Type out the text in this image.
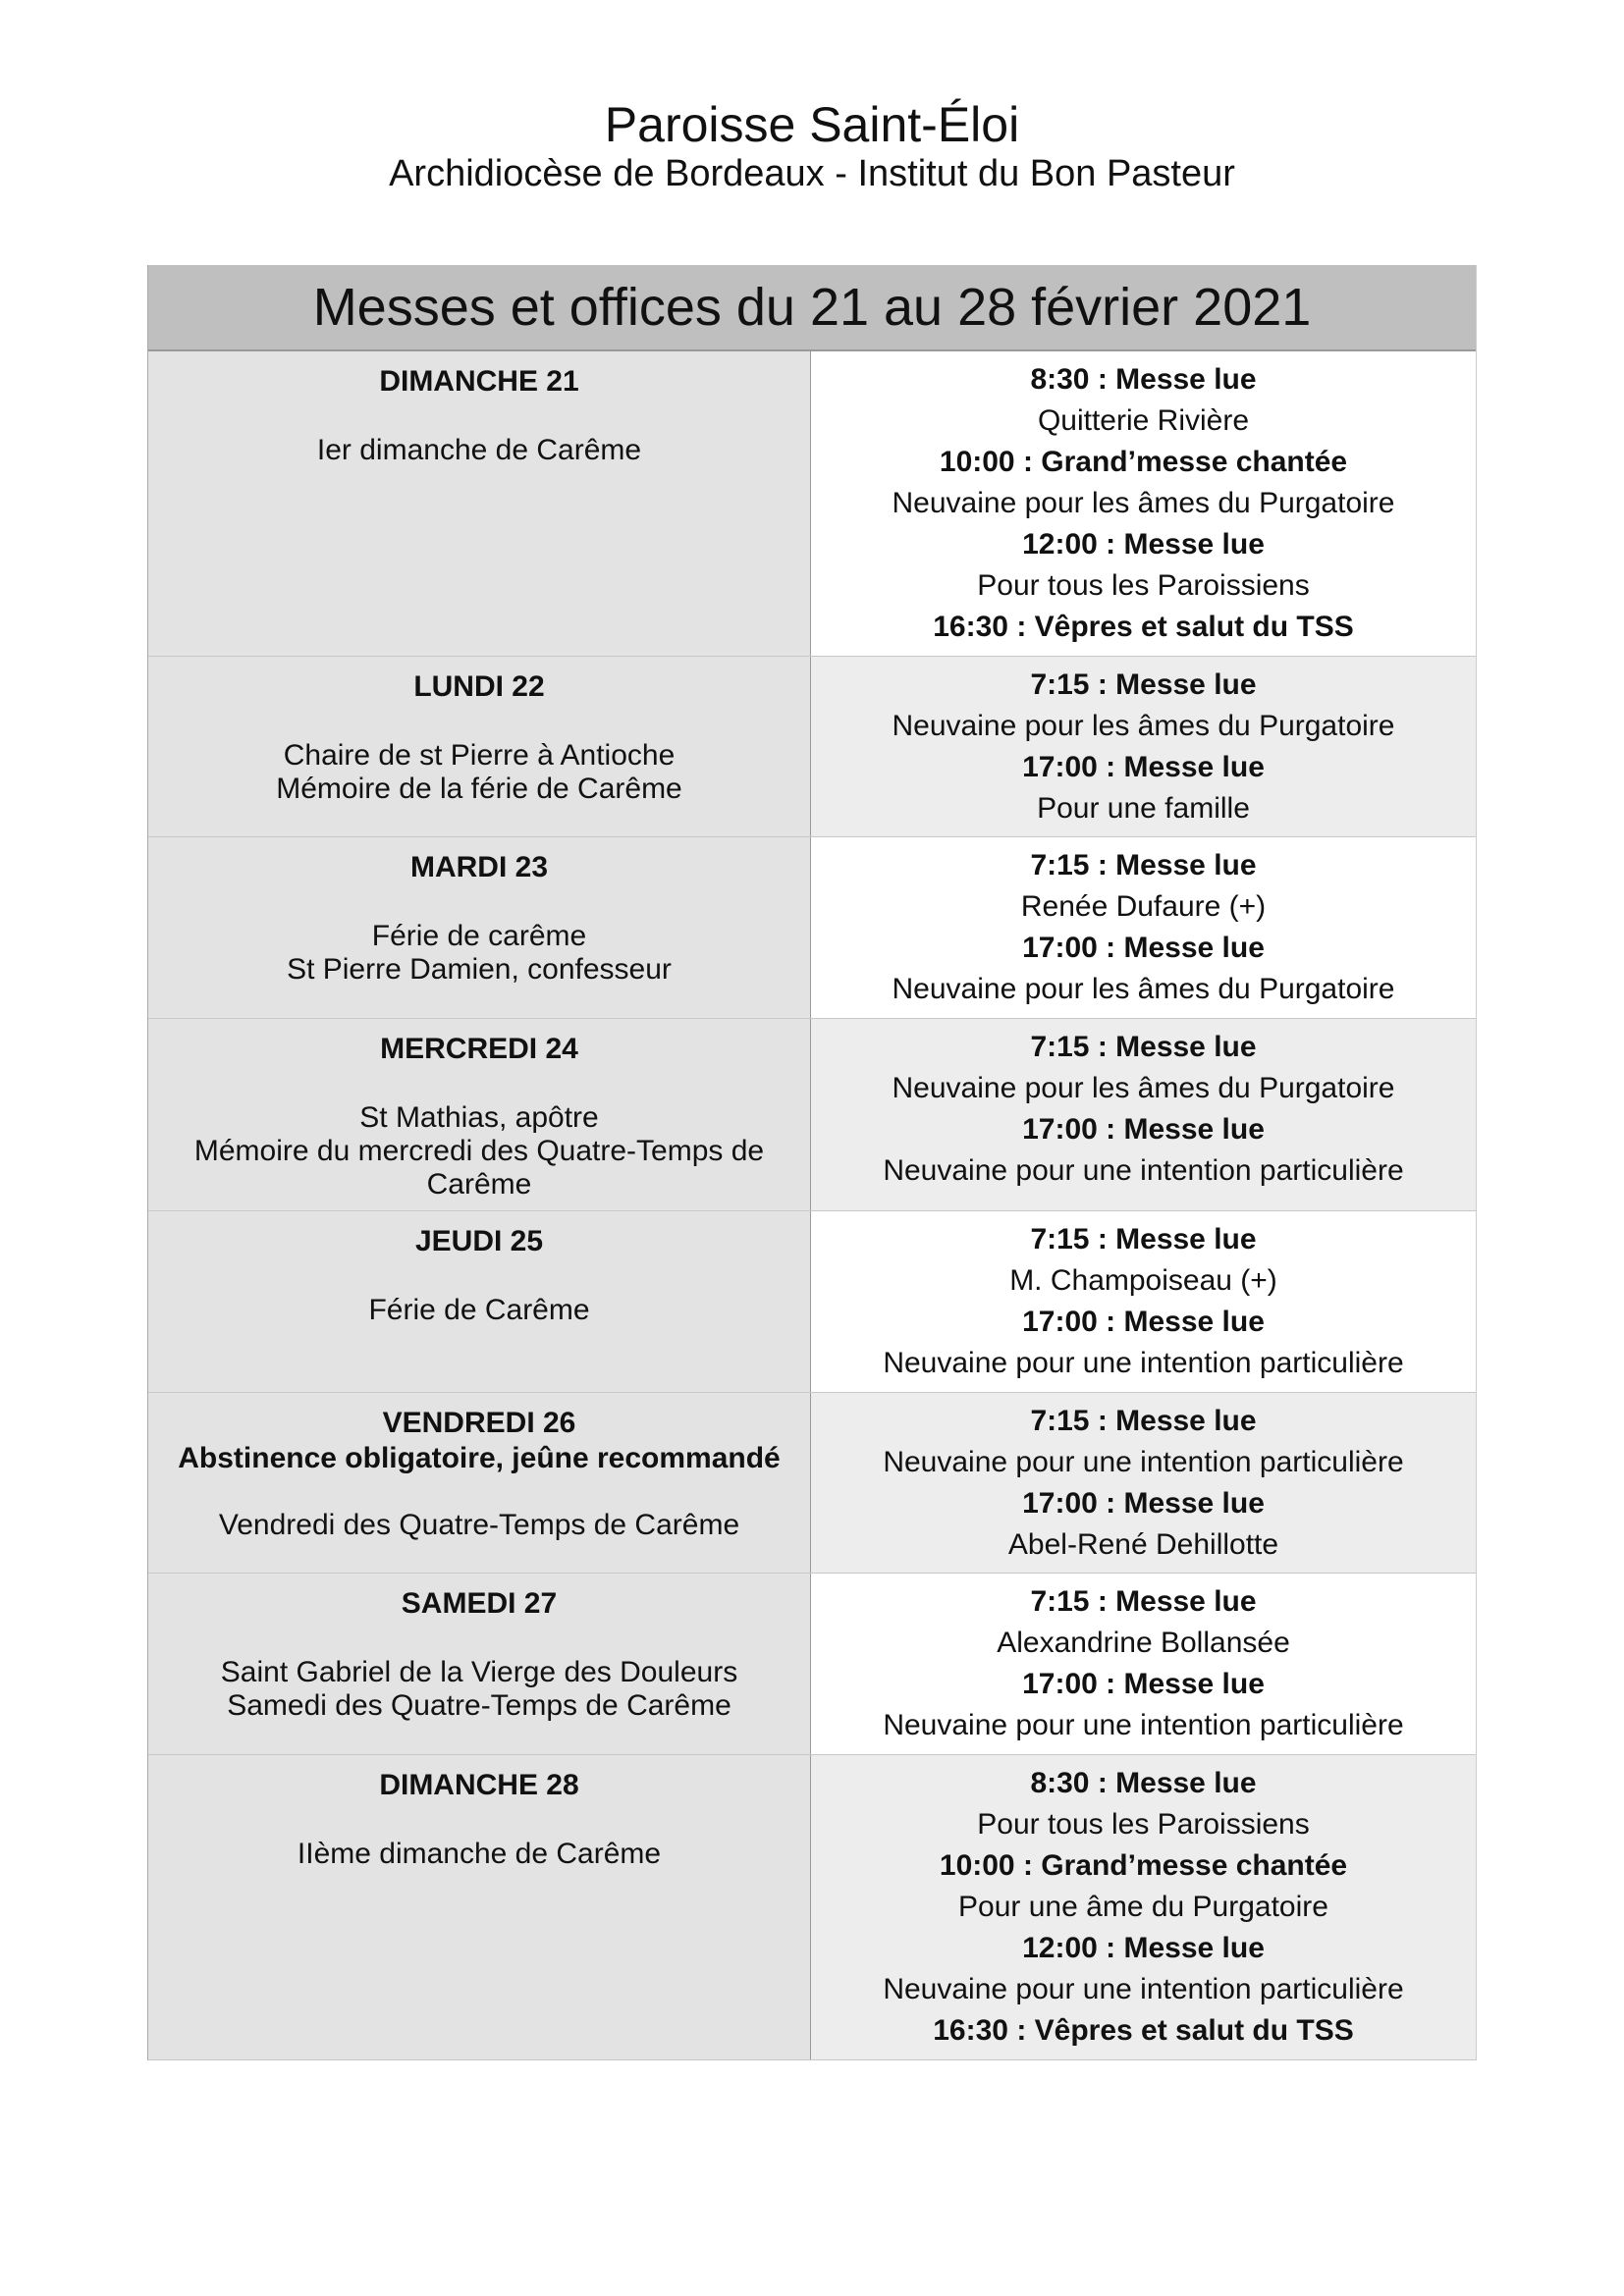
Paroisse Saint-Éloi
Archidiocèse de Bordeaux - Institut du Bon Pasteur
Messes et offices du 21 au 28 février 2021
DIMANCHE 21
Ier dimanche de Carême
8:30 : Messe lue
Quitterie Rivière
10:00 : Grand’messe chantée
Neuvaine pour les âmes du Purgatoire
12:00 : Messe lue
Pour tous les Paroissiens
16:30 : Vêpres et salut du TSS
LUNDI 22
Chaire de st Pierre à Antioche
Mémoire de la férie de Carême
7:15 : Messe lue
Neuvaine pour les âmes du Purgatoire
17:00 : Messe lue
Pour une famille
MARDI 23
Férie de carême
St Pierre Damien, confesseur
7:15 : Messe lue
Renée Dufaure (+)
17:00 : Messe lue
Neuvaine pour les âmes du Purgatoire
MERCREDI 24
St Mathias, apôtre
Mémoire du mercredi des Quatre-Temps de
Carême
7:15 : Messe lue
Neuvaine pour les âmes du Purgatoire
17:00 : Messe lue
Neuvaine pour une intention particulière
JEUDI 25
Férie de Carême
7:15 : Messe lue
M. Champoiseau (+)
17:00 : Messe lue
Neuvaine pour une intention particulière
VENDREDI 26
Abstinence obligatoire, jeûne recommandé
Vendredi des Quatre-Temps de Carême
7:15 : Messe lue
Neuvaine pour une intention particulière
17:00 : Messe lue
Abel-René Dehillotte
SAMEDI 27
Saint Gabriel de la Vierge des Douleurs
Samedi des Quatre-Temps de Carême
7:15 : Messe lue
Alexandrine Bollansée
17:00 : Messe lue
Neuvaine pour une intention particulière
DIMANCHE 28
IIème dimanche de Carême
8:30 : Messe lue
Pour tous les Paroissiens
10:00 : Grand’messe chantée
Pour une âme du Purgatoire
12:00 : Messe lue
Neuvaine pour une intention particulière
16:30 : Vêpres et salut du TSS
